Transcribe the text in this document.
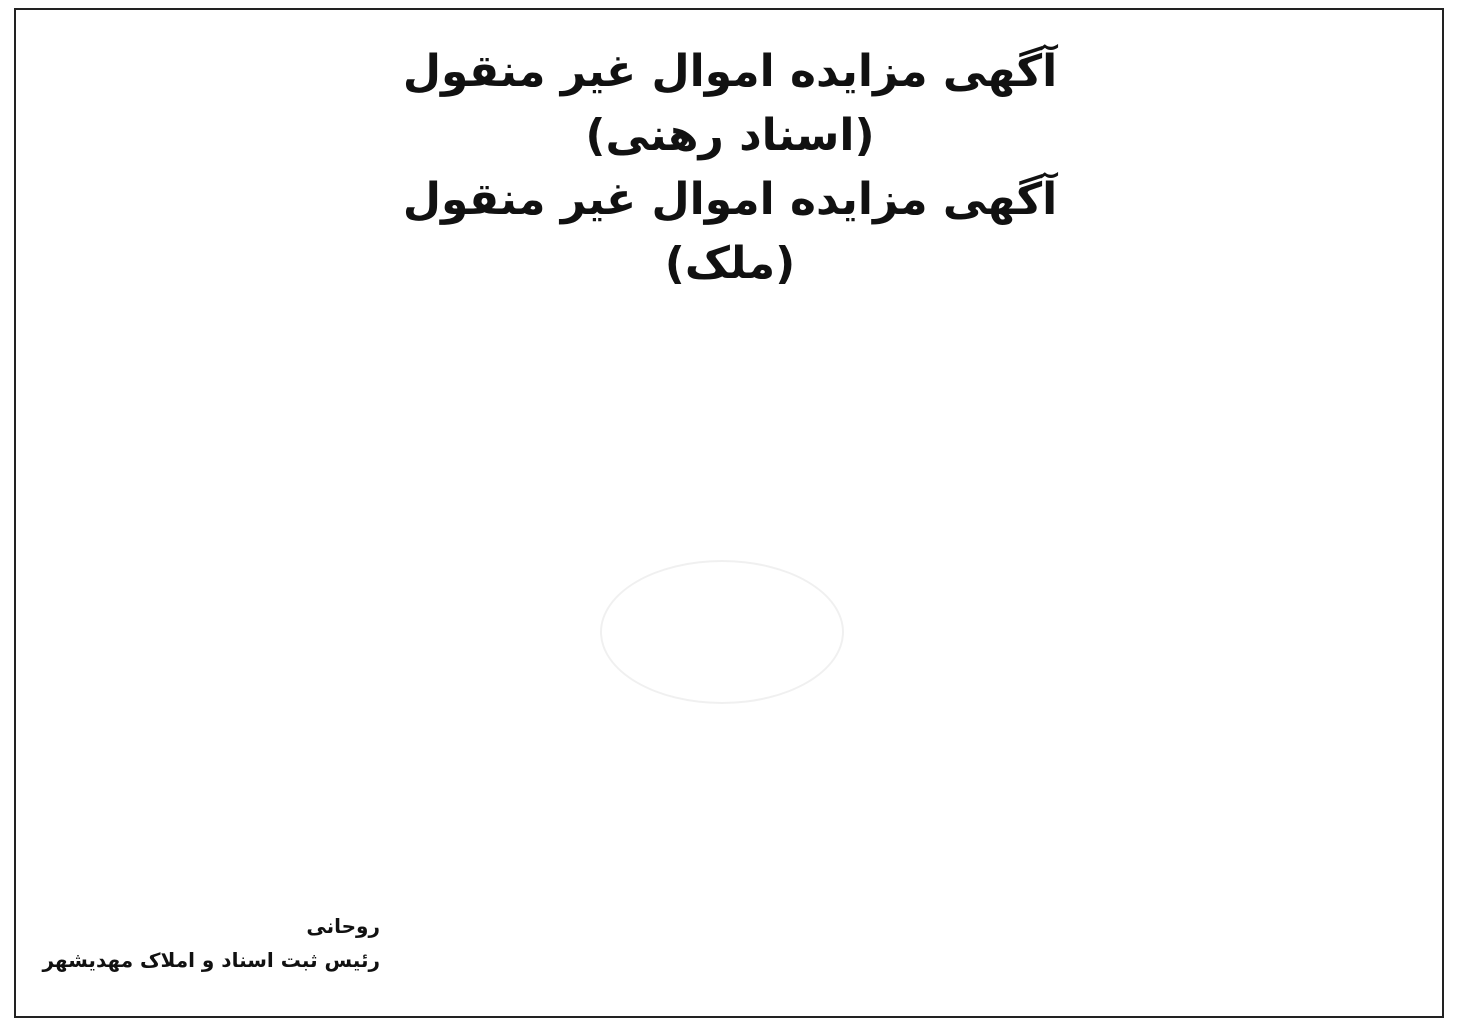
آگهی مزایده اموال غیر منقول (اسناد رهنی)
آگهی مزایده اموال غیر منقول (ملک)
روحانی
رئیس ثبت اسناد و املاک مهدیشهر
